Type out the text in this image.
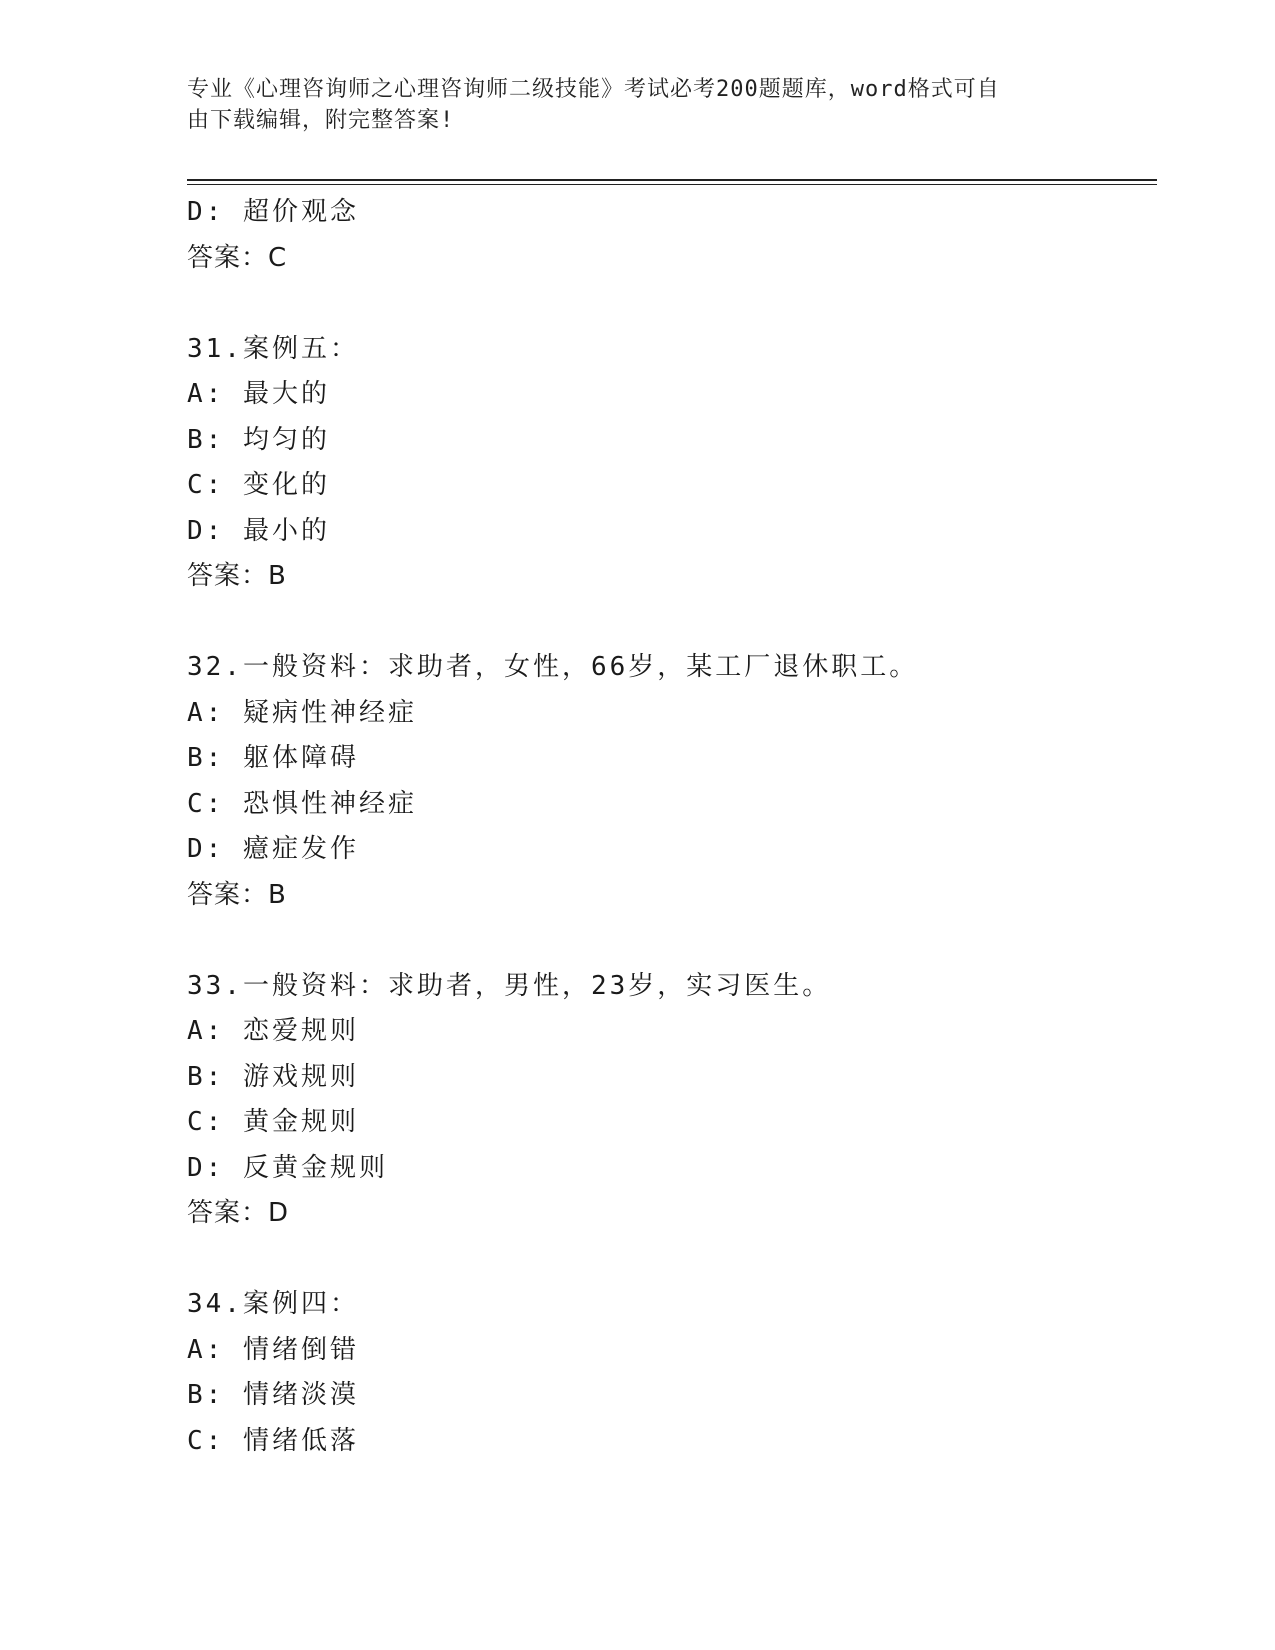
专业《心理咨询师之心理咨询师二级技能》考试必考200题题库，word格式可自
由下载编辑，附完整答案!
D: 超价观念
答案：C
31.案例五：
A: 最大的
B: 均匀的
C: 变化的
D: 最小的
答案：B
32.一般资料：求助者，女性，66岁，某工厂退休职工。
A: 疑病性神经症
B: 躯体障碍
C: 恐惧性神经症
D: 癔症发作
答案：B
33.一般资料：求助者，男性，23岁，实习医生。
A: 恋爱规则
B: 游戏规则
C: 黄金规则
D: 反黄金规则
答案：D
34.案例四：
A: 情绪倒错
B: 情绪淡漠
C: 情绪低落
